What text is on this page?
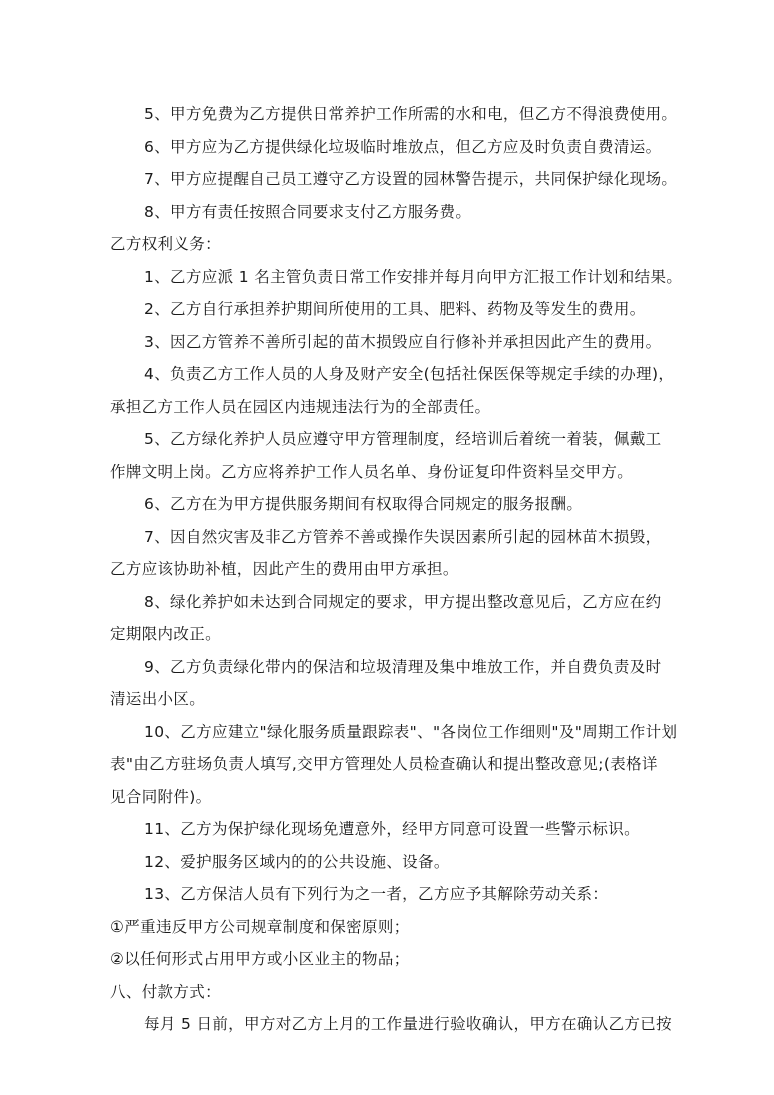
5、甲方免费为乙方提供日常养护工作所需的水和电，但乙方不得浪费使用。
6、甲方应为乙方提供绿化垃圾临时堆放点，但乙方应及时负责自费清运。
7、甲方应提醒自己员工遵守乙方设置的园林警告提示，共同保护绿化现场。
8、甲方有责任按照合同要求支付乙方服务费。
乙方权利义务：
1、乙方应派 1 名主管负责日常工作安排并每月向甲方汇报工作计划和结果。
2、乙方自行承担养护期间所使用的工具、肥料、药物及等发生的费用。
3、因乙方管养不善所引起的苗木损毁应自行修补并承担因此产生的费用。
4、负责乙方工作人员的人身及财产安全(包括社保医保等规定手续的办理)，
承担乙方工作人员在园区内违规违法行为的全部责任。
5、乙方绿化养护人员应遵守甲方管理制度，经培训后着统一着装，佩戴工
作牌文明上岗。乙方应将养护工作人员名单、身份证复印件资料呈交甲方。
6、乙方在为甲方提供服务期间有权取得合同规定的服务报酬。
7、因自然灾害及非乙方管养不善或操作失误因素所引起的园林苗木损毁，
乙方应该协助补植，因此产生的费用由甲方承担。
8、绿化养护如未达到合同规定的要求，甲方提出整改意见后，乙方应在约
定期限内改正。
9、乙方负责绿化带内的保洁和垃圾清理及集中堆放工作，并自费负责及时
清运出小区。
10、乙方应建立"绿化服务质量跟踪表"、"各岗位工作细则"及"周期工作计划
表"由乙方驻场负责人填写,交甲方管理处人员检查确认和提出整改意见;(表格详
见合同附件)。
11、乙方为保护绿化现场免遭意外，经甲方同意可设置一些警示标识。
12、爱护服务区域内的的公共设施、设备。
13、乙方保洁人员有下列行为之一者，乙方应予其解除劳动关系：
①严重违反甲方公司规章制度和保密原则；
②以任何形式占用甲方或小区业主的物品；
八、付款方式：
每月 5 日前，甲方对乙方上月的工作量进行验收确认，甲方在确认乙方已按
